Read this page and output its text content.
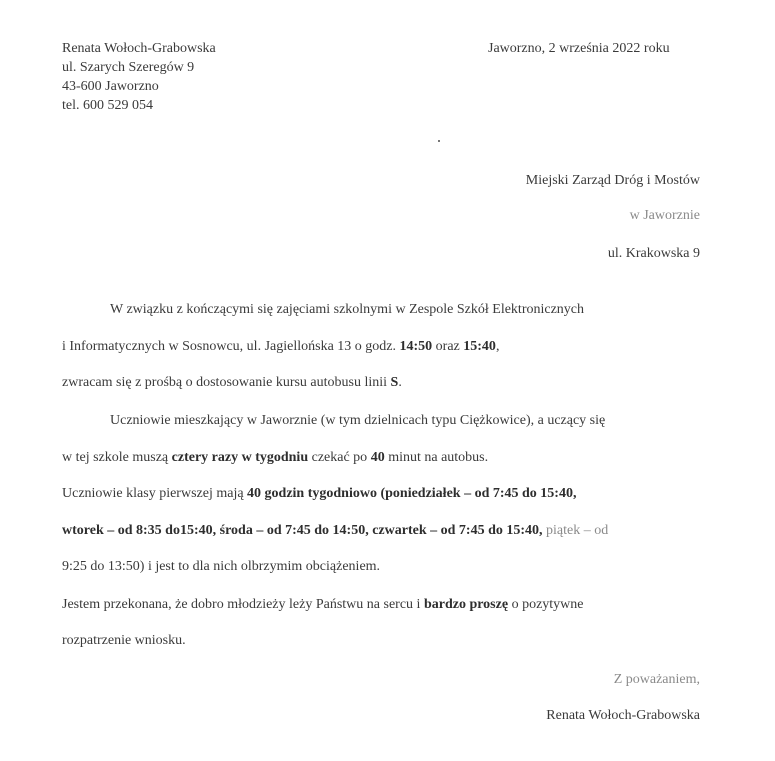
Renata Wołoch-Grabowska
ul. Szarych Szeregów 9
43-600 Jaworzno
tel. 600 529 054
Jaworzno, 2 września 2022 roku
Miejski Zarząd Dróg i Mostów
w Jaworznie
ul. Krakowska 9
W związku z kończącymi się zajęciami szkolnymi w Zespole Szkół Elektronicznych
i Informatycznych w Sosnowcu, ul. Jagiellońska 13 o godz. 14:50 oraz 15:40,
zwracam się z prośbą o dostosowanie kursu autobusu linii S.
Uczniowie mieszkający w Jaworznie (w tym dzielnicach typu Ciężkowice), a uczący się
w tej szkole muszą cztery razy w tygodniu czekać po 40 minut na autobus.
Uczniowie klasy pierwszej mają 40 godzin tygodniowo (poniedziałek – od 7:45 do 15:40,
wtorek – od 8:35 do15:40, środa – od 7:45 do 14:50, czwartek – od 7:45 do 15:40, piątek – od
9:25 do 13:50) i jest to dla nich olbrzymim obciążeniem.
Jestem przekonana, że dobro młodzieży leży Państwu na sercu i bardzo proszę o pozytywne
rozpatrzenie wniosku.
Z poważaniem,
Renata Wołoch-Grabowska
